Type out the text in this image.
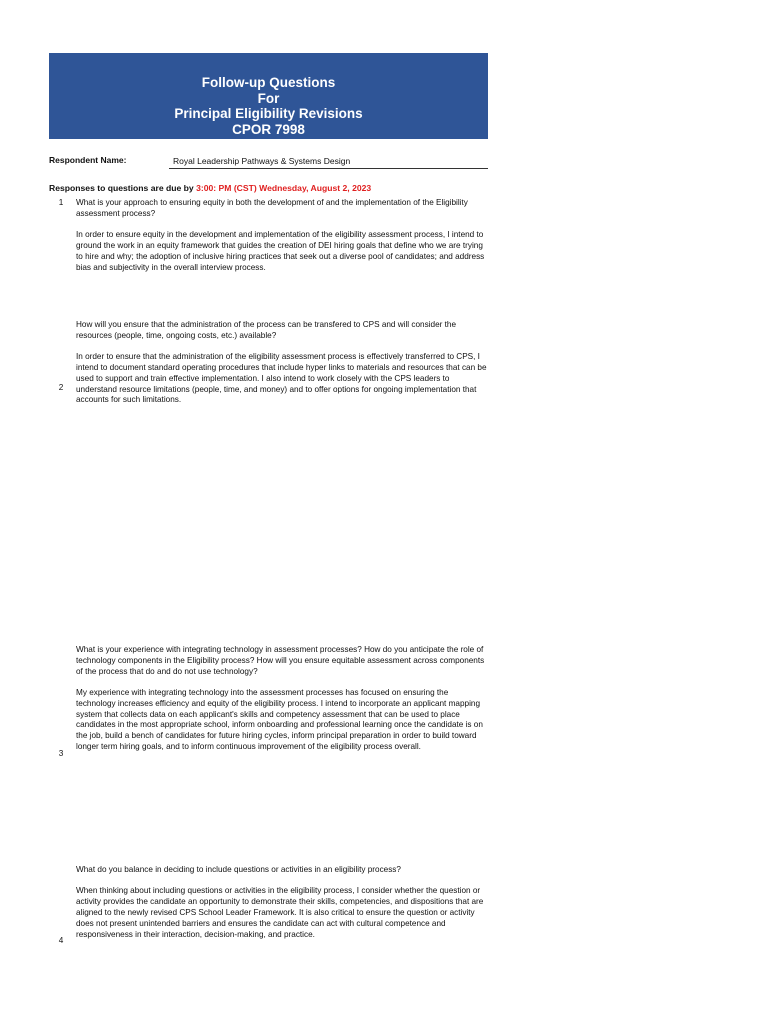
Follow-up Questions
For
Principal Eligibility Revisions
CPOR 7998
Respondent Name:	Royal Leadership Pathways & Systems Design
Responses to questions are due by 3:00: PM (CST) Wednesday, August 2, 2023
1	What is your approach to ensuring equity in both the development of and the implementation of the Eligibility assessment process?

In order to ensure equity in the development and implementation of the eligibility assessment process, I intend to ground the work in an equity framework that guides the creation of DEI hiring goals that define who we are trying to hire and why; the adoption of inclusive hiring practices that seek out a diverse pool of candidates; and address bias and subjectivity in the overall interview process.

2

How will you ensure that the administration of the process can be transfered to CPS and will consider the resources (people, time, ongoing costs, etc.) available?

In order to ensure that the administration of the eligibility assessment process is effectively transferred to CPS, I intend to document standard operating procedures that include hyper links to materials and resources that can be used to support and train effective implementation. I also intend to work closely with the CPS leaders to understand resource limitations (people, time, and money) and to offer options for ongoing implementation that accounts for such limitations.

3

What is your experience with integrating technology in assessment processes? How do you anticipate the role of technology components in the Eligibility process? How will you ensure equitable assessment across components of the process that do and do not use technology?

My experience with integrating technology into the assessment processes has focused on ensuring the technology increases efficiency and equity of the eligibility process. I intend to incorporate an applicant mapping system that collects data on each applicant's skills and competency assessment that can be used to place candidates in the most appropriate school, inform onboarding and professional learning once the candidate is on the job, build a bench of candidates for future hiring cycles, inform principal preparation in order to build toward longer term hiring goals, and to inform continuous improvement of the eligibility process overall.

4

What do you balance in deciding to include questions or activities in an eligibility process?

When thinking about including questions or activities in the eligibility process, I consider whether the question or activity provides the candidate an opportunity to demonstrate their skills, competencies, and dispositions that are aligned to the newly revised CPS School Leader Framework. It is also critical to ensure the question or activity does not present unintended barriers and ensures the candidate can act with cultural competence and responsiveness in their interaction, decision-making, and practice.
